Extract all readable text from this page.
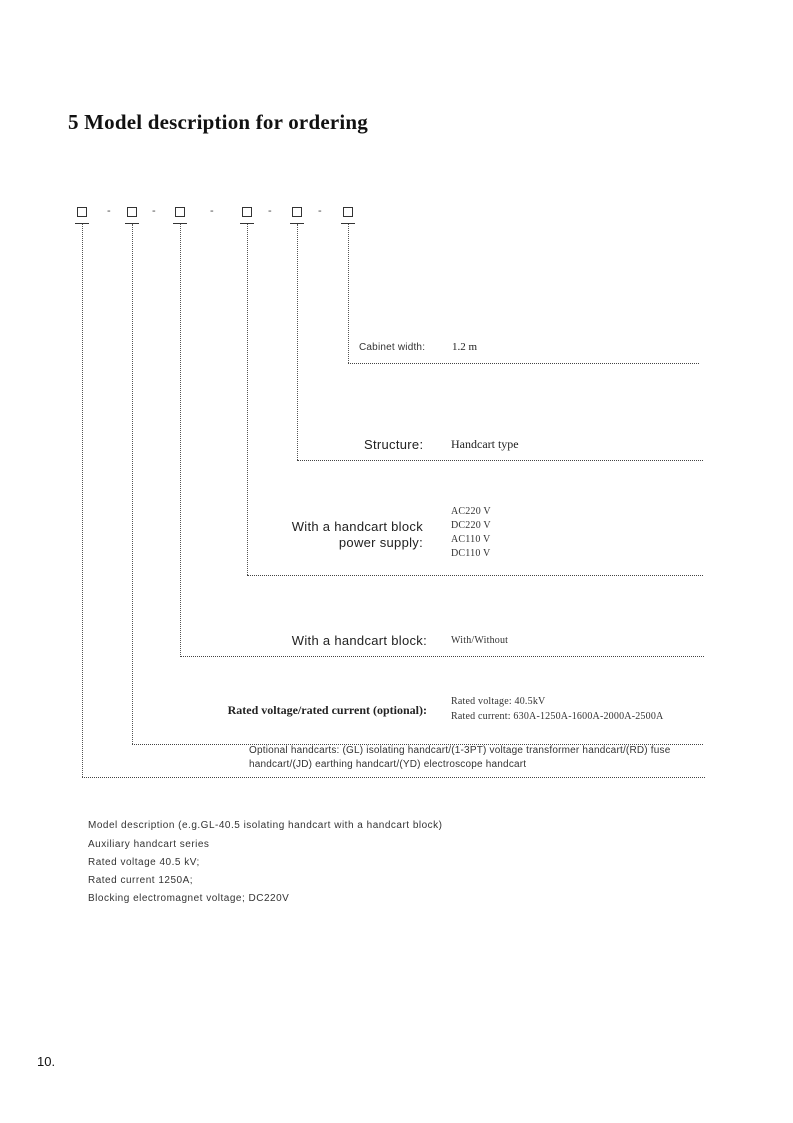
5 Model description for ordering
-	-	-	-	-
Cabinet width: 1.2 m
Structure: Handcart type
With a handcart block
power supply:
AC220 V
DC220 V
AC110 V
DC110 V
With a handcart block: With/Without
Rated voltage/rated current (optional):
Rated voltage: 40.5kV
Rated current: 630A-1250A-1600A-2000A-2500A
Optional handcarts: (GL) isolating handcart/(1-3PT) voltage transformer handcart/(RD) fuse
handcart/(JD) earthing handcart/(YD) electroscope handcart
Model description (e.g.GL-40.5 isolating handcart with a handcart block)
Auxiliary handcart series
Rated voltage 40.5 kV;
Rated current 1250A;
Blocking electromagnet voltage; DC220V
10.
